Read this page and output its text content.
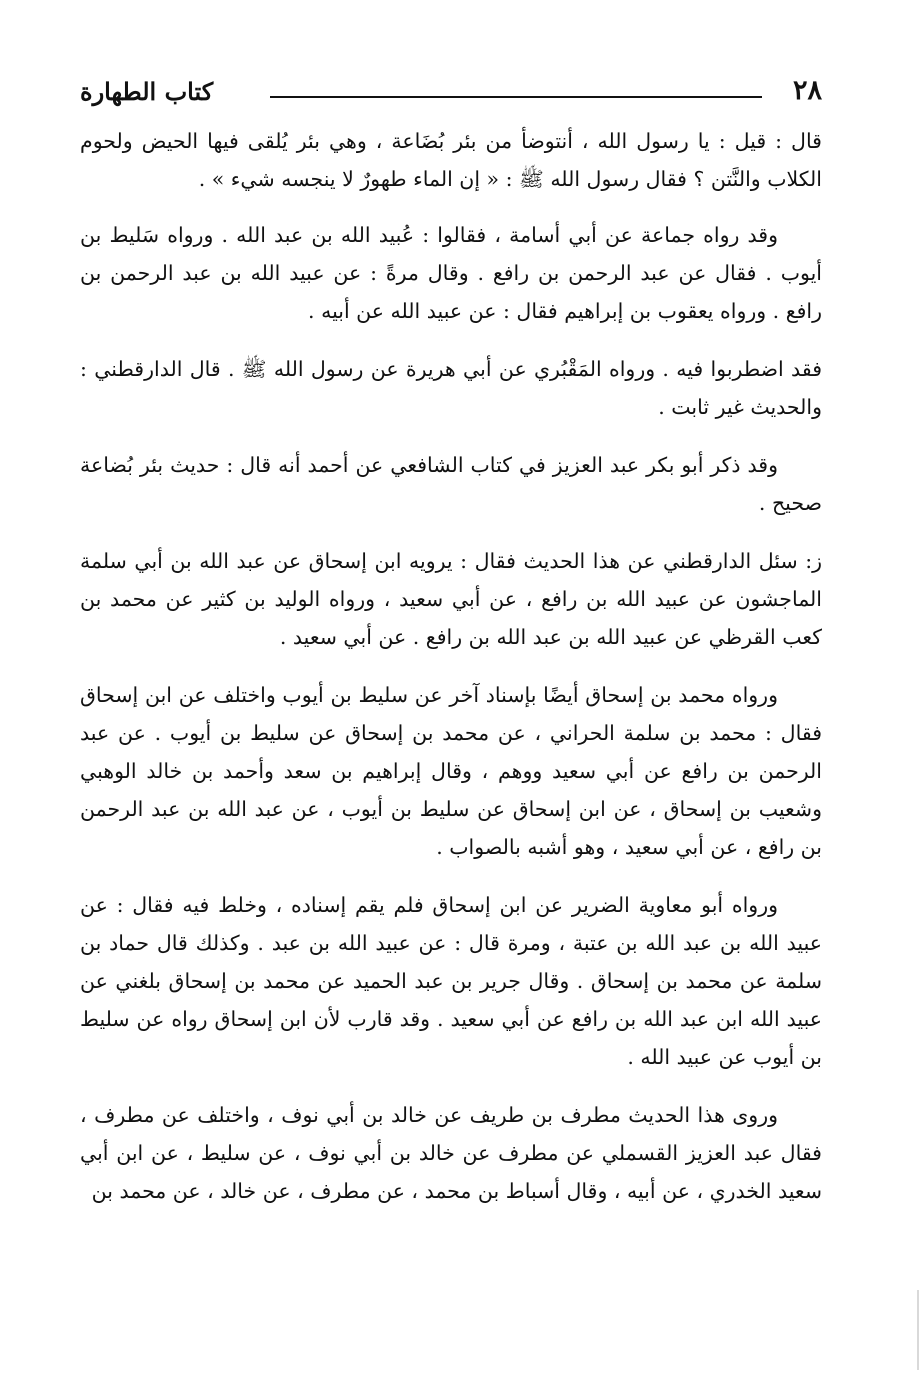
٢٨
كتاب الطهارة

قال : قيل : يا رسول الله ، أنتوضأ من بئر بُضَاعة ، وهي بئر يُلقى فيها الحيض ولحوم الكلاب والنَّتن ؟ فقال رسول الله ﷺ : « إن الماء طهورٌ لا ينجسه شيء » .

وقد رواه جماعة عن أبي أسامة ، فقالوا : عُبيد الله بن عبد الله . ورواه سَليط بن أيوب . فقال عن عبد الرحمن بن رافع . وقال مرةً : عن عبيد الله بن عبد الرحمن بن رافع . ورواه يعقوب بن إبراهيم فقال : عن عبيد الله عن أبيه .

فقد اضطربوا فيه . ورواه المَقْبُري عن أبي هريرة عن رسول الله ﷺ . قال الدارقطني : والحديث غير ثابت .

وقد ذكر أبو بكر عبد العزيز في كتاب الشافعي عن أحمد أنه قال : حديث بئر بُضاعة صحيح .

ز: سئل الدارقطني عن هذا الحديث فقال : يرويه ابن إسحاق عن عبد الله بن أبي سلمة الماجشون عن عبيد الله بن رافع ، عن أبي سعيد ، ورواه الوليد بن كثير عن محمد بن كعب القرظي عن عبيد الله بن عبد الله بن رافع . عن أبي سعيد .

ورواه محمد بن إسحاق أيضًا بإسناد آخر عن سليط بن أيوب واختلف عن ابن إسحاق فقال : محمد بن سلمة الحراني ، عن محمد بن إسحاق عن سليط بن أيوب . عن عبد الرحمن بن رافع عن أبي سعيد ووهم ، وقال إبراهيم بن سعد وأحمد بن خالد الوهبي وشعيب بن إسحاق ، عن ابن إسحاق عن سليط بن أيوب ، عن عبد الله بن عبد الرحمن بن رافع ، عن أبي سعيد ، وهو أشبه بالصواب .

ورواه أبو معاوية الضرير عن ابن إسحاق فلم يقم إسناده ، وخلط فيه فقال : عن عبيد الله بن عبد الله بن عتبة ، ومرة قال : عن عبيد الله بن عبد . وكذلك قال حماد بن سلمة عن محمد بن إسحاق . وقال جرير بن عبد الحميد عن محمد بن إسحاق بلغني عن عبيد الله ابن عبد الله بن رافع عن أبي سعيد . وقد قارب لأن ابن إسحاق رواه عن سليط بن أيوب عن عبيد الله .

وروى هذا الحديث مطرف بن طريف عن خالد بن أبي نوف ، واختلف عن مطرف ، فقال عبد العزيز القسملي عن مطرف عن خالد بن أبي نوف ، عن سليط ، عن ابن أبي سعيد الخدري ، عن أبيه ، وقال أسباط بن محمد ، عن مطرف ، عن خالد ، عن محمد بن
